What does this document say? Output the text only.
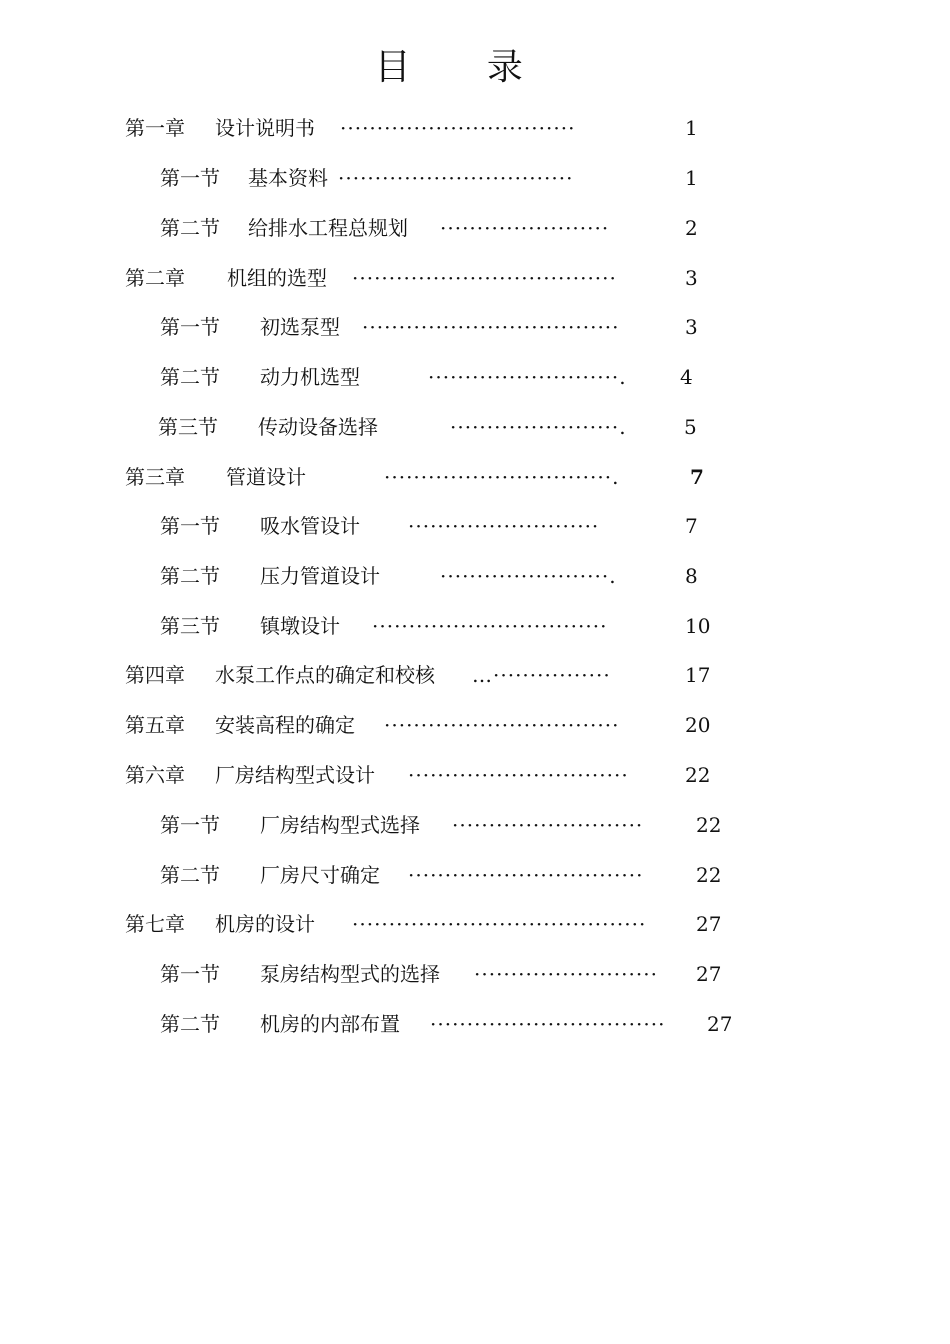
目 录
第一章 设计说明书 ································	1
第一节 基本资料 ································	1
第二节 给排水工程总规划 ·······················	2
第二章 机组的选型 ····································	3
第一节 初选泵型 ···································	3
第二节 动力机选型	··························.	4
第三节 传动设备选择	·······················.	5
第三章 管道设计	·······························.	7
第一节 吸水管设计 ··························	7
第二节 压力管道设计	·······················.	8
第三节 镇墩设计 ································	10
第四章 水泵工作点的确定和校核 …················	17
第五章 安装高程的确定 ································	20
第六章 厂房结构型式设计 ······························	22
第一节 厂房结构型式选择 ··························	22
第二节 厂房尺寸确定 ································	22
第七章 机房的设计 ········································ 27
第一节 泵房结构型式的选择 ························· 27
第二节 机房的内部布置 ································ 27
